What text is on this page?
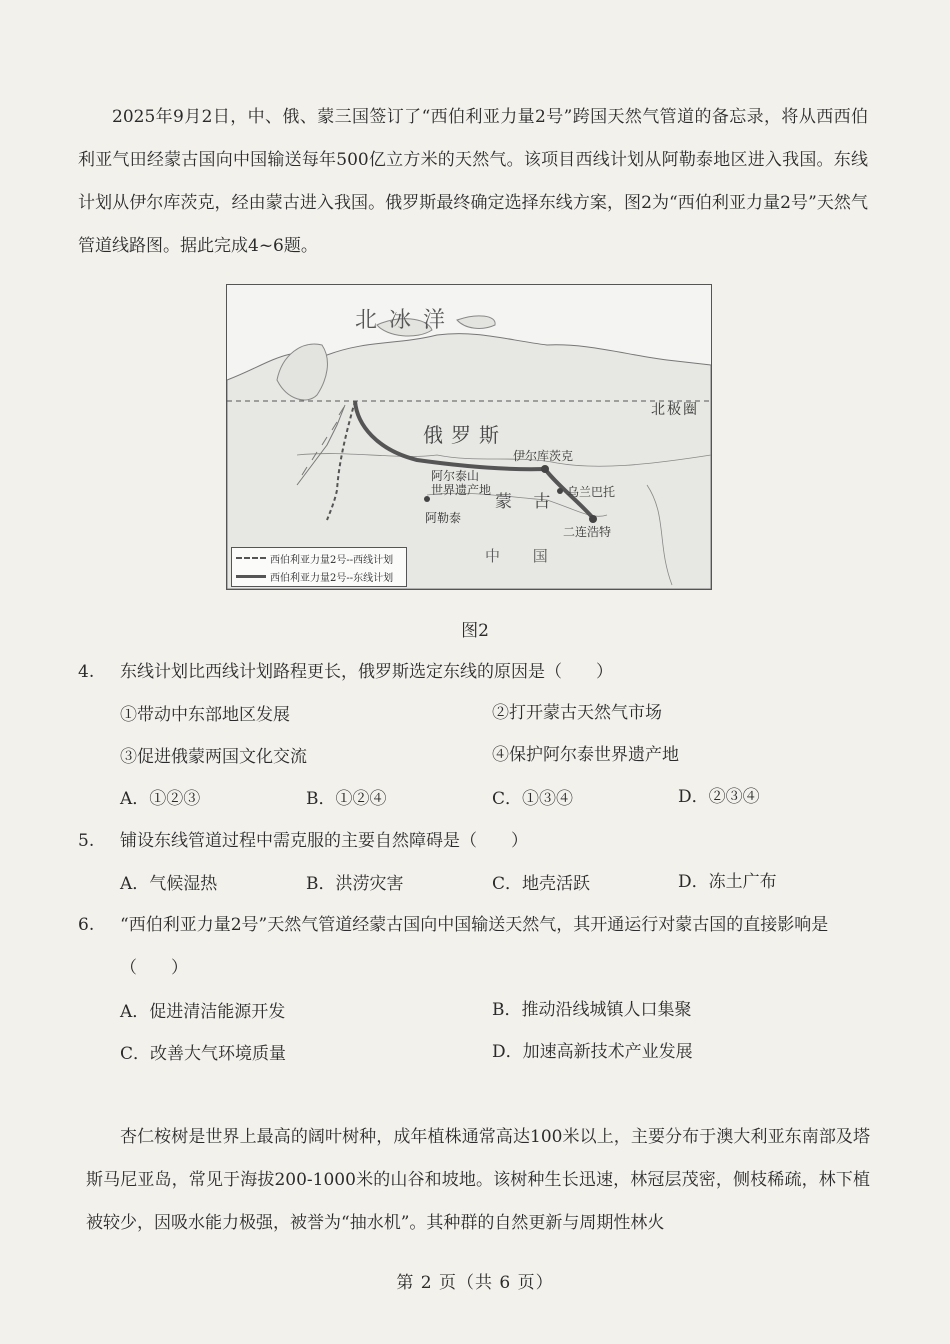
2025年9月2日，中、俄、蒙三国签订了“西伯利亚力量2号”跨国天然气管道的备忘录，将从西西伯利亚气田经蒙古国向中国输送每年500亿立方米的天然气。该项目西线计划从阿勒泰地区进入我国。东线计划从伊尔库茨克，经由蒙古进入我国。俄罗斯最终确定选择东线方案，图2为“西伯利亚力量2号”天然气管道线路图。据此完成4~6题。
北冰洋
北极圈
俄罗斯
伊尔库茨克
阿尔泰山
世界遗产地
蒙 古 乌兰巴托
阿勒泰
二连浩特
中 国
西伯利亚力量2号--西线计划
西伯利亚力量2号--东线计划
图2
4. 东线计划比西线计划路程更长，俄罗斯选定东线的原因是（　　）
①带动中东部地区发展	②打开蒙古天然气市场
③促进俄蒙两国文化交流	④保护阿尔泰世界遗产地
A．①②③	B．①②④	C．①③④	D．②③④
5. 铺设东线管道过程中需克服的主要自然障碍是（　　）
A．气候湿热	B．洪涝灾害	C．地壳活跃	D．冻土广布
6. “西伯利亚力量2号”天然气管道经蒙古国向中国输送天然气，其开通运行对蒙古国的直接影响是（　　）
A．促进清洁能源开发	B．推动沿线城镇人口集聚
C．改善大气环境质量	D．加速高新技术产业发展
杏仁桉树是世界上最高的阔叶树种，成年植株通常高达100米以上，主要分布于澳大利亚东南部及塔斯马尼亚岛，常见于海拔200-1000米的山谷和坡地。该树种生长迅速，林冠层茂密，侧枝稀疏，林下植被较少，因吸水能力极强，被誉为“抽水机”。其种群的自然更新与周期性林火
第 2 页（共 6 页）
